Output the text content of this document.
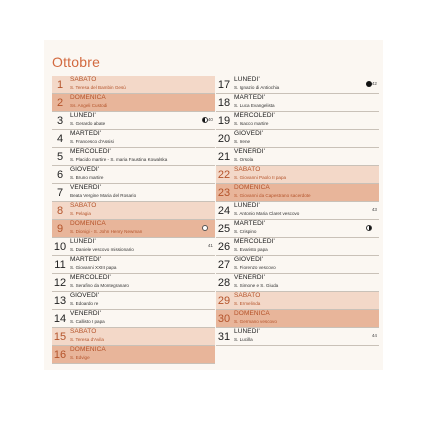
Ottobre
1	SABATO
S. Teresa del Bambin Gesù
2	DOMENICA
Ss. Angeli Custodi
3	LUNEDI'
S. Gerardo abate
40
4	MARTEDI'
S. Francesco d'Assisi
5	MERCOLEDI'
S. Placido martire - S. maria Faustina Kowalska
6	GIOVEDI'
S. Bruno martire
7	VENERDI'
Beata Vergine Maria del Rosario
8	SABATO
S. Pelagia
9	DOMENICA
S. Dionigi - S. John Henry Newman
10 LUNEDI'
S. Daniele vescovo missionario
41
11 MARTEDI'
S. Giovanni XXIII papa
12 MERCOLEDI'
S. Serafino da Montegranaro
13 GIOVEDI'
S. Edoardo re
14 VENERDI'
S. Callisto I papa
15 SABATO
S. Teresa d'Avila
16 DOMENICA
S. Edvige
17 LUNEDI'
S. Ignazio di Antiochia
42
18 MARTEDI'
S. Luca Evangelista
19 MERCOLEDI'
S. Isacco martire
20 GIOVEDI'
S. Irene
21 VENERDI'
S. Orsola
22 SABATO
S. Giovanni Paolo II papa
23 DOMENICA
S. Giovanni da Capestrano sacerdote
24 LUNEDI'
S. Antonio Maria Claret vescovo
43
25 MARTEDI'
S. Crispino
26 MERCOLEDI'
S. Evaristo papa
27 GIOVEDI'
S. Fiorenzo vescovo
28 VENERDI'
S. Simone e S. Giuda
29 SABATO
S. Ermelinda
30 DOMENICA
S. Germano vescovo
31 LUNEDI'
S. Lucilla
44
